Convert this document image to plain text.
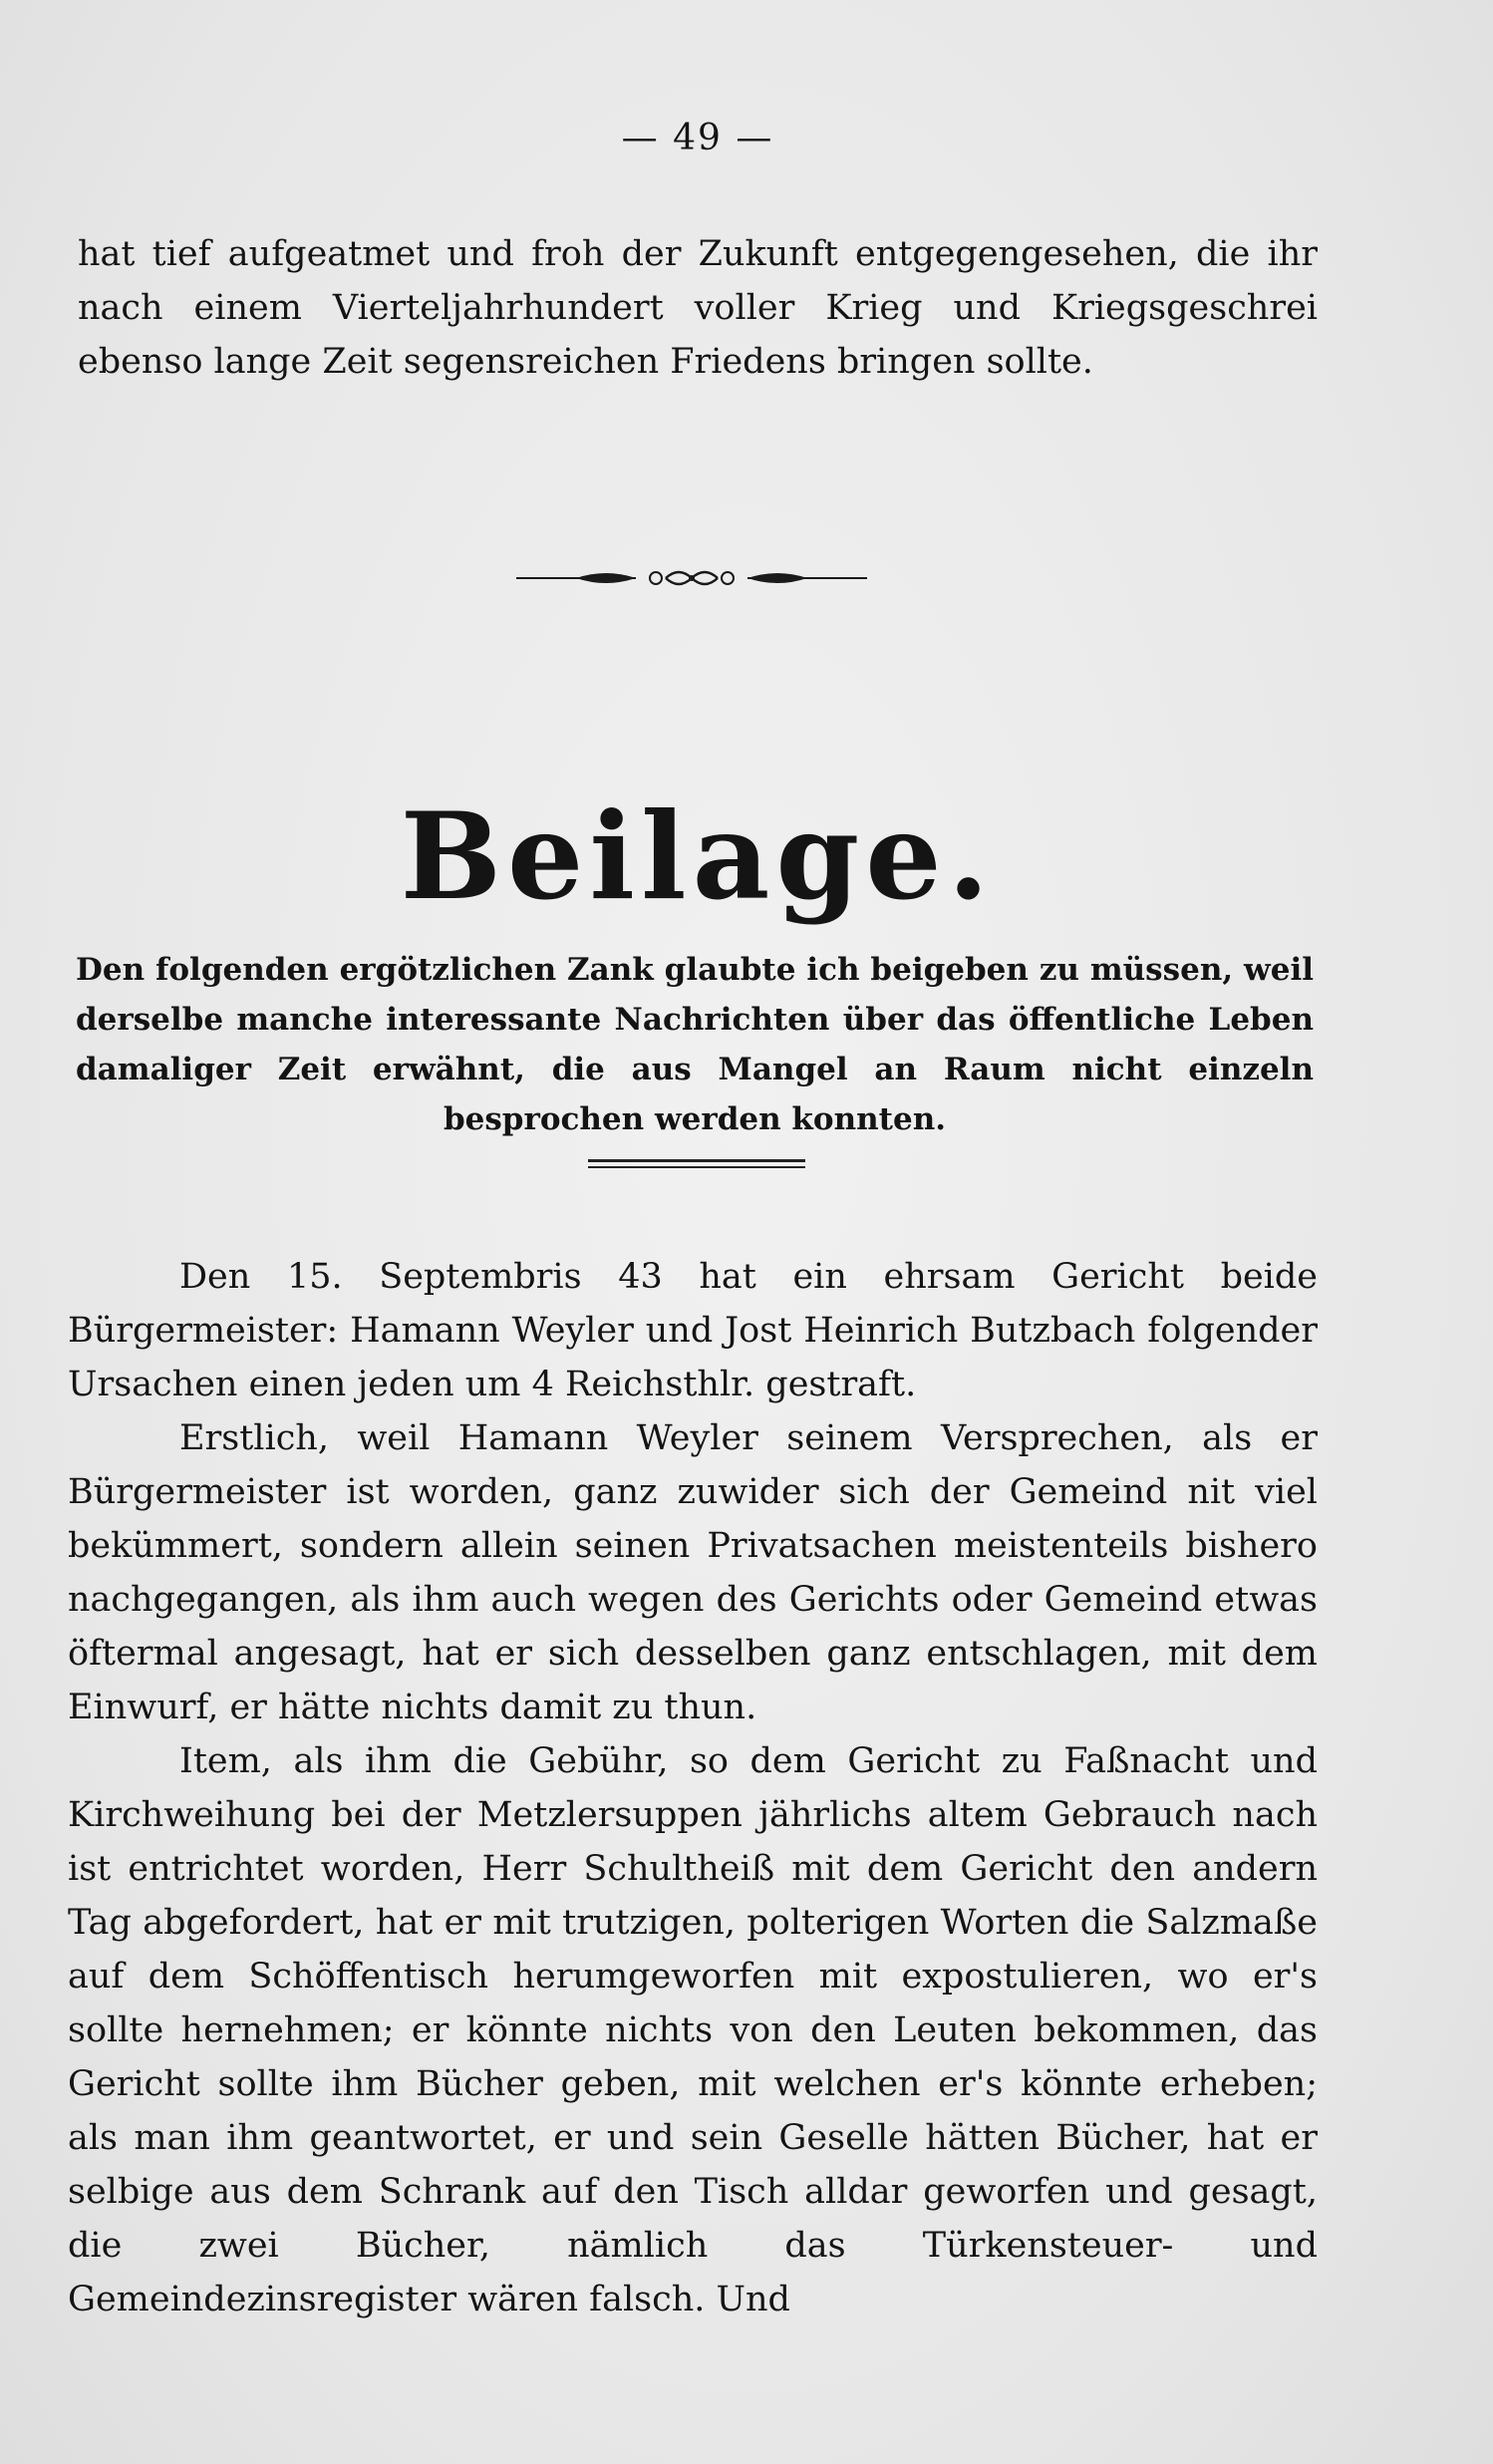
— 49 —

hat tief aufgeatmet und froh der Zukunft entgegengesehen, die ihr nach einem Vierteljahrhundert voller Krieg und Kriegsgeschrei ebenso lange Zeit segensreichen Friedens bringen sollte.

Beilage.
Den folgenden ergötzlichen Zank glaubte ich beigeben zu müssen, weil derselbe manche interessante Nachrichten über das öffentliche Leben damaliger Zeit erwähnt, die aus Mangel an Raum nicht einzeln besprochen werden konnten.

Den 15. Septembris 43 hat ein ehrsam Gericht beide Bürgermeister: Hamann Weyler und Jost Heinrich Butzbach folgender Ursachen einen jeden um 4 Reichsthlr. gestraft.

Erstlich, weil Hamann Weyler seinem Versprechen, als er Bürgermeister ist worden, ganz zuwider sich der Gemeind nit viel bekümmert, sondern allein seinen Privatsachen meistenteils bishero nachgegangen, als ihm auch wegen des Gerichts oder Gemeind etwas öftermal angesagt, hat er sich desselben ganz entschlagen, mit dem Einwurf, er hätte nichts damit zu thun.

Item, als ihm die Gebühr, so dem Gericht zu Faßnacht und Kirchweihung bei der Metzlersuppen jährlichs altem Gebrauch nach ist entrichtet worden, Herr Schultheiß mit dem Gericht den andern Tag abgefordert, hat er mit trutzigen, polterigen Worten die Salzmaße auf dem Schöffentisch herumgeworfen mit expostulieren, wo er's sollte hernehmen; er könnte nichts von den Leuten bekommen, das Gericht sollte ihm Bücher geben, mit welchen er's könnte erheben; als man ihm geantwortet, er und sein Geselle hätten Bücher, hat er selbige aus dem Schrank auf den Tisch alldar geworfen und gesagt, die zwei Bücher, nämlich das Türkensteuer- und Gemeindezinsregister wären falsch. Und
